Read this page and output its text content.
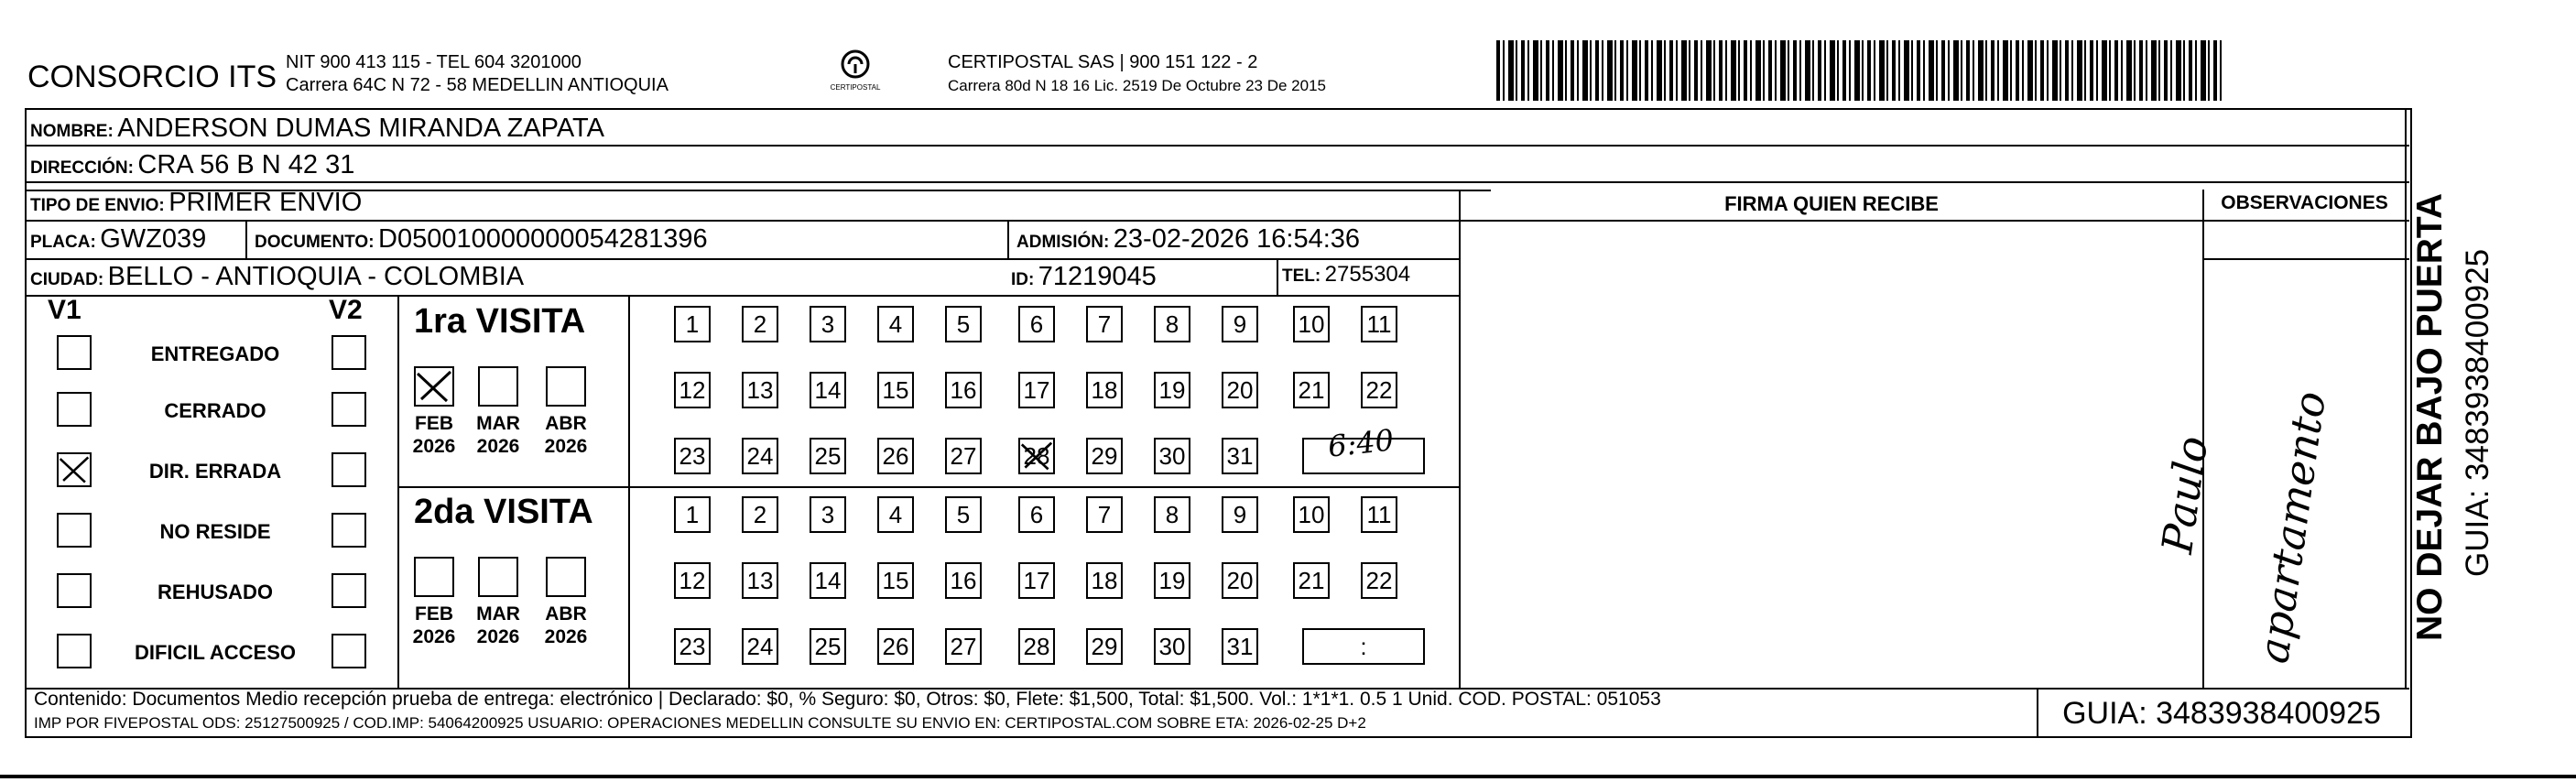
CONSORCIO ITS NIT 900 413 115 - TEL 604 3201000
Carrera 64C N 72 - 58 MEDELLIN ANTIOQUIA	CERTIPOSTAL
CERTIPOSTAL SAS | 900 151 122 - 2
Carrera 80d N 18 16 Lic. 2519 De Octubre 23 De 2015
NOMBRE: ANDERSON DUMAS MIRANDA ZAPATA
DIRECCIÓN: CRA 56 B N 42 31
TIPO DE ENVIO: PRIMER ENVIO
PLACA: GWZ039	DOCUMENTO: D050010000000054281396	ADMISIÓN: 23-02-2026 16:54:36
CIUDAD: BELLO - ANTIOQUIA - COLOMBIA	ID: 71219045	TEL: 2755304
FIRMA QUIEN RECIBE	OBSERVACIONES
V1	V2
ENTREGADO
CERRADO
DIR. ERRADA
NO RESIDE
REHUSADO
DIFICIL ACCESO
1ra VISITA
2da VISITA
FEB
2026
MAR
2026
ABR
2026
FEB
2026
MAR
2026
ABR
2026
1	2	3	4	5	6	7	8	9	10 11
12 13 14 15 16 17 18 19 20 21 22
23 24 25 26 27 28 29 30 31
1	2	3	4	5	6	7	8	9	10 11
12 13 14 15 16 17 18 19 20 21 22
23 24 25 26 27 28 29 30 31	:
6:40	Paulo apartamento NO DEJAR BAJO PUERTA GUIA: 3483938400925
Contenido: Documentos Medio recepción prueba de entrega: electrónico | Declarado: $0, % Seguro: $0, Otros: $0, Flete: $1,500, Total: $1,500. Vol.: 1*1*1. 0.5 1 Unid. COD. POSTAL: 051053
IMP POR FIVEPOSTAL ODS: 25127500925 / COD.IMP: 54064200925 USUARIO: OPERACIONES MEDELLIN CONSULTE SU ENVIO EN: CERTIPOSTAL.COM SOBRE ETA: 2026-02-25 D+2	GUIA: 3483938400925
